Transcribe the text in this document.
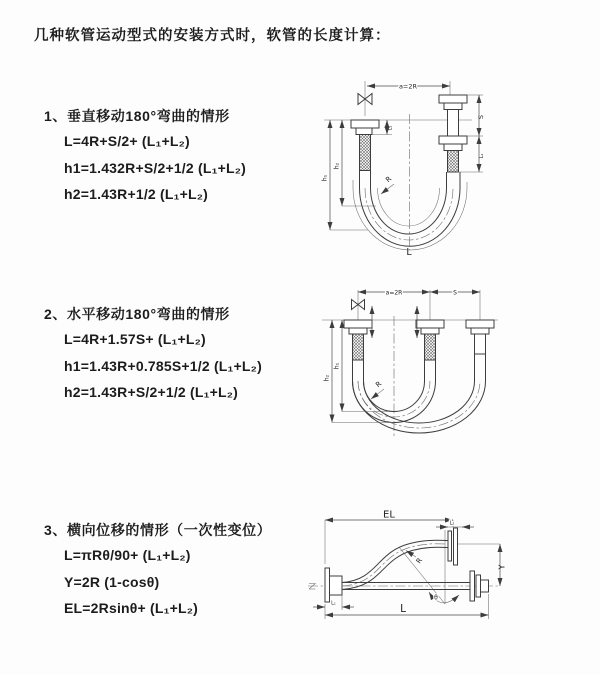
几种软管运动型式的安装方式时，软管的长度计算：
1、垂直移动180°弯曲的情形
L=4R+S/2+ (L₁+L₂)
h1=1.432R+S/2+1/2 (L₁+L₂)
h2=1.43R+1/2 (L₁+L₂)
2、水平移动180°弯曲的情形
L=4R+1.57S+ (L₁+L₂)
h1=1.43R+0.785S+1/2 (L₁+L₂)
h2=1.43R+S/2+1/2 (L₁+L₂)
3、横向位移的情形（一次性变位）
L=πRθ/90+ (L₁+L₂)
Y=2R (1-cosθ)
EL=2Rsinθ+ (L₁+L₂)
a=2R
h₁
h₂
L₁
S
L₁
R
L
a=2R	S
h₁
h₂
R
EL
L₂
Y
L
L₁
θ
R
